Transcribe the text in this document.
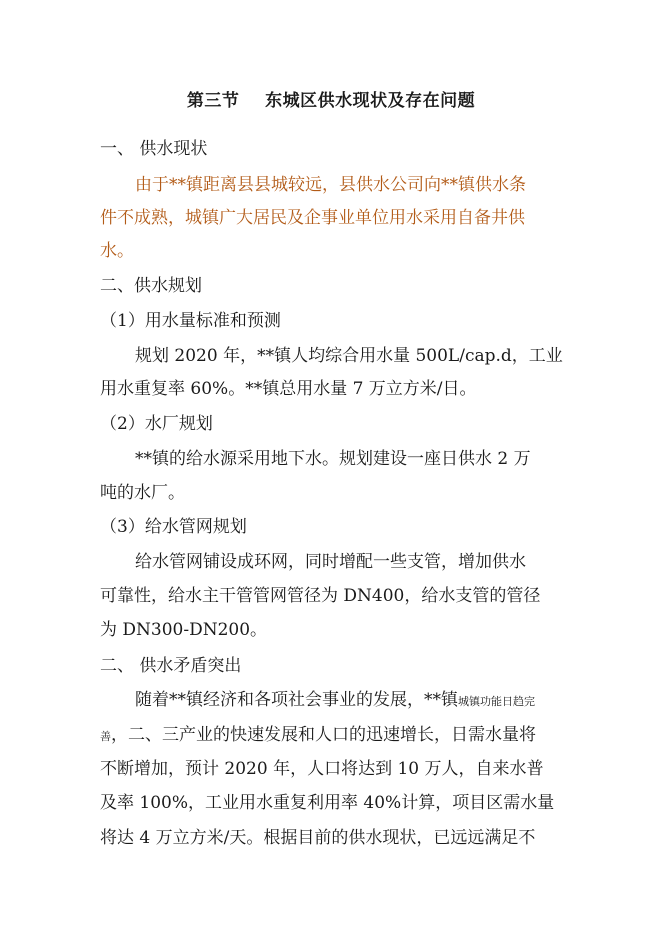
第三节    东城区供水现状及存在问题
一、 供水现状
由于**镇距离县县城较远，县供水公司向**镇供水条
件不成熟，城镇广大居民及企事业单位用水采用自备井供
水。
二、供水规划
（1）用水量标准和预测
规划 2020 年，**镇人均综合用水量 500L/cap.d，工业
用水重复率 60%。**镇总用水量 7 万立方米/日。
（2）水厂规划
**镇的给水源采用地下水。规划建设一座日供水 2 万
吨的水厂。
（3）给水管网规划
给水管网铺设成环网，同时增配一些支管，增加供水
可靠性，给水主干管管网管径为 DN400，给水支管的管径
为 DN300-DN200。
二、 供水矛盾突出
随着**镇经济和各项社会事业的发展，**镇城镇功能日趋完
善，二、三产业的快速发展和人口的迅速增长，日需水量将
不断增加，预计 2020 年，人口将达到 10 万人，自来水普
及率 100%，工业用水重复利用率 40%计算，项目区需水量
将达 4 万立方米/天。根据目前的供水现状，已远远满足不
